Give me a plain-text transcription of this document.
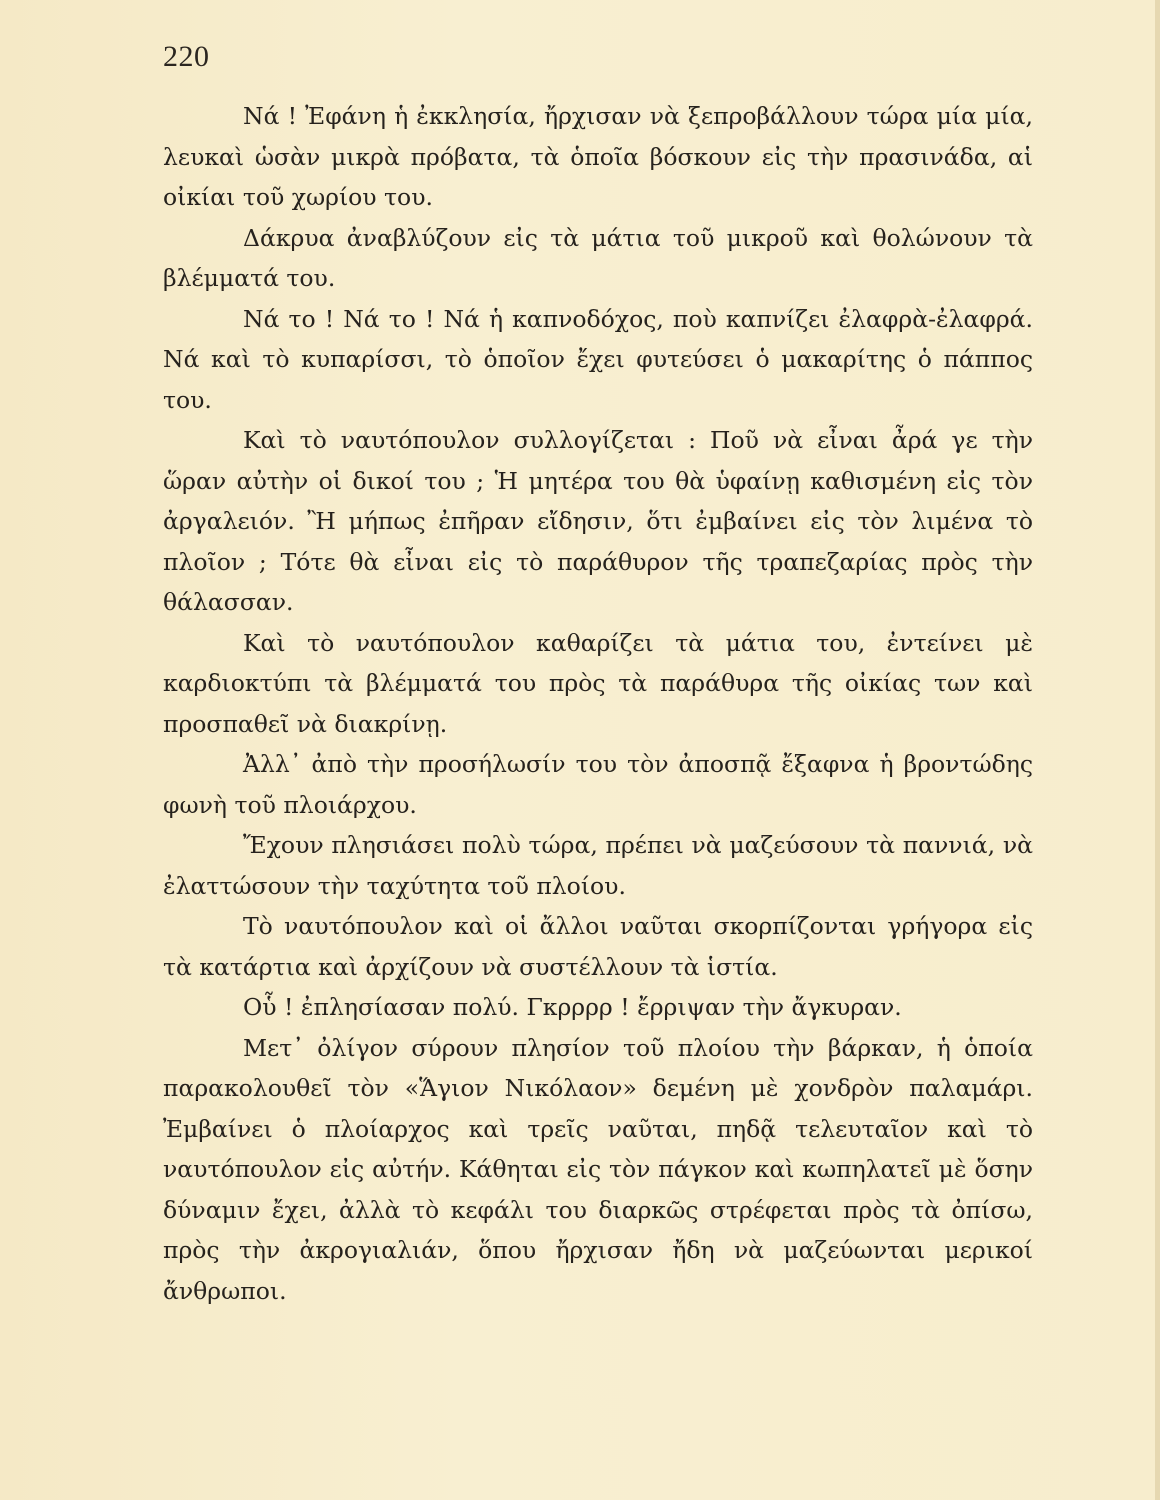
220

Νά ! Ἐφάνη ἡ ἐκκλησία, ἤρχισαν νὰ ξεπροβάλλουν τώρα μία μία, λευκαὶ ὡσὰν μικρὰ πρόβατα, τὰ ὁποῖα βόσκουν εἰς τὴν πρασινάδα, αἱ οἰκίαι τοῦ χωρίου του.

Δάκρυα ἀναβλύζουν εἰς τὰ μάτια τοῦ μικροῦ καὶ θολώνουν τὰ βλέμματά του.

Νά το ! Νά το ! Νά ἡ καπνοδόχος, ποὺ καπνίζει ἐλαφρὰ-ἐλαφρά. Νά καὶ τὸ κυπαρίσσι, τὸ ὁποῖον ἔχει φυτεύσει ὁ μακαρίτης ὁ πάππος του.

Καὶ τὸ ναυτόπουλον συλλογίζεται : Ποῦ νὰ εἶναι ἆρά γε τὴν ὥραν αὐτὴν οἱ δικοί του ; Ἡ μητέρα του θὰ ὑφαίνῃ καθισμένη εἰς τὸν ἀργαλειόν. Ἢ μήπως ἐπῆραν εἴδησιν, ὅτι ἐμβαίνει εἰς τὸν λιμένα τὸ πλοῖον ; Τότε θὰ εἶναι εἰς τὸ παράθυρον τῆς τραπεζαρίας πρὸς τὴν θάλασσαν.

Καὶ τὸ ναυτόπουλον καθαρίζει τὰ μάτια του, ἐντείνει μὲ καρδιοκτύπι τὰ βλέμματά του πρὸς τὰ παράθυρα τῆς οἰκίας των καὶ προσπαθεῖ νὰ διακρίνῃ.

Ἀλλ᾿ ἀπὸ τὴν προσήλωσίν του τὸν ἀποσπᾷ ἔξαφνα ἡ βροντώδης φωνὴ τοῦ πλοιάρχου.

Ἔχουν πλησιάσει πολὺ τώρα, πρέπει νὰ μαζεύσουν τὰ παννιά, νὰ ἐλαττώσουν τὴν ταχύτητα τοῦ πλοίου.

Τὸ ναυτόπουλον καὶ οἱ ἄλλοι ναῦται σκορπίζονται γρήγορα εἰς τὰ κατάρτια καὶ ἀρχίζουν νὰ συστέλλουν τὰ ἱστία.

Οὗ ! ἐπλησίασαν πολύ. Γκρρρρ ! ἔρριψαν τὴν ἄγκυραν.

Μετ᾿ ὀλίγον σύρουν πλησίον τοῦ πλοίου τὴν βάρκαν, ἡ ὁποία παρακολουθεῖ τὸν «Ἅγιον Νικόλαον» δεμένη μὲ χονδρὸν παλαμάρι. Ἐμβαίνει ὁ πλοίαρχος καὶ τρεῖς ναῦται, πηδᾷ τελευταῖον καὶ τὸ ναυτόπουλον εἰς αὐτήν. Κάθηται εἰς τὸν πάγκον καὶ κωπηλατεῖ μὲ ὅσην δύναμιν ἔχει, ἀλλὰ τὸ κεφάλι του διαρκῶς στρέφεται πρὸς τὰ ὀπίσω, πρὸς τὴν ἀκρογιαλιάν, ὅπου ἤρχισαν ἤδη νὰ μαζεύωνται μερικοί ἄνθρωποι.
